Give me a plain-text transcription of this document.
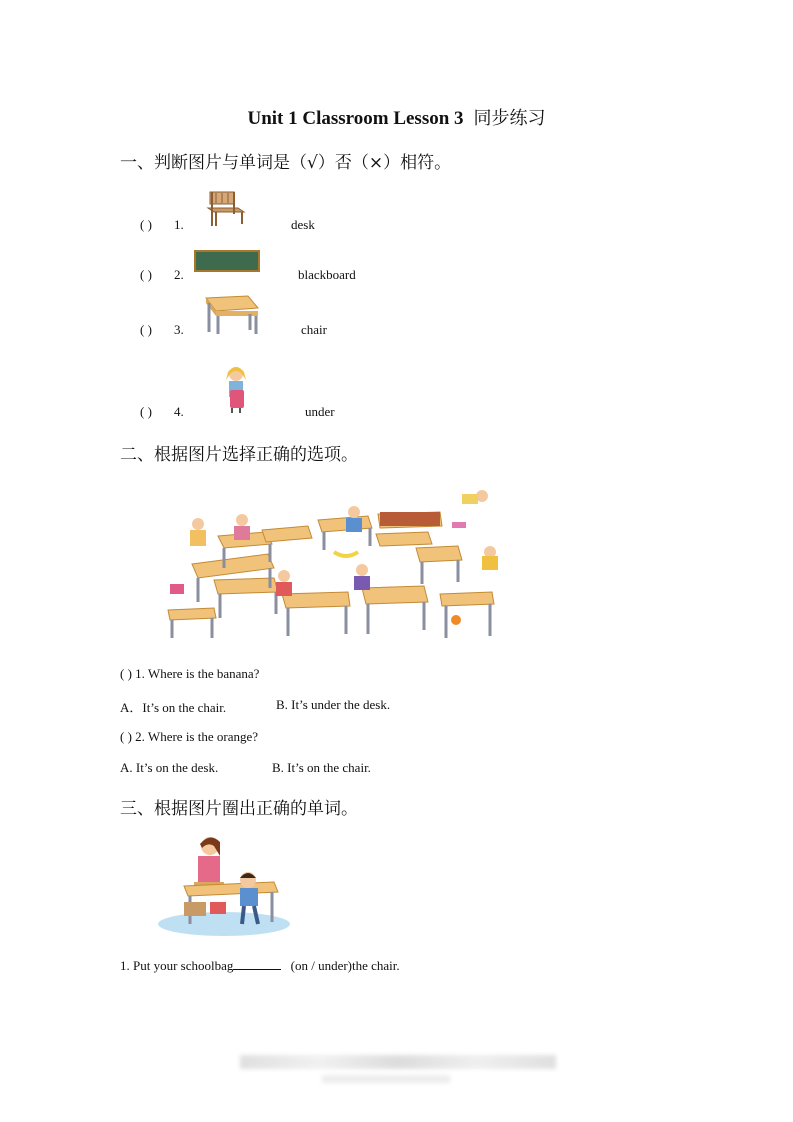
Unit 1 Classroom Lesson 3 同步练习
一、判断图片与单词是（√）否（×）相符。
( ) 1.	desk
( ) 2.	blackboard
( ) 3.	chair
( ) 4.	under
二、根据图片选择正确的选项。
( ) 1. Where is the banana?
A．It’s on the chair.	B. It’s under the desk.
( ) 2. Where is the orange?
A. It’s on the desk.	B. It’s on the chair.
三、根据图片圈出正确的单词。
1. Put your schoolbag	(on / under)the chair.
